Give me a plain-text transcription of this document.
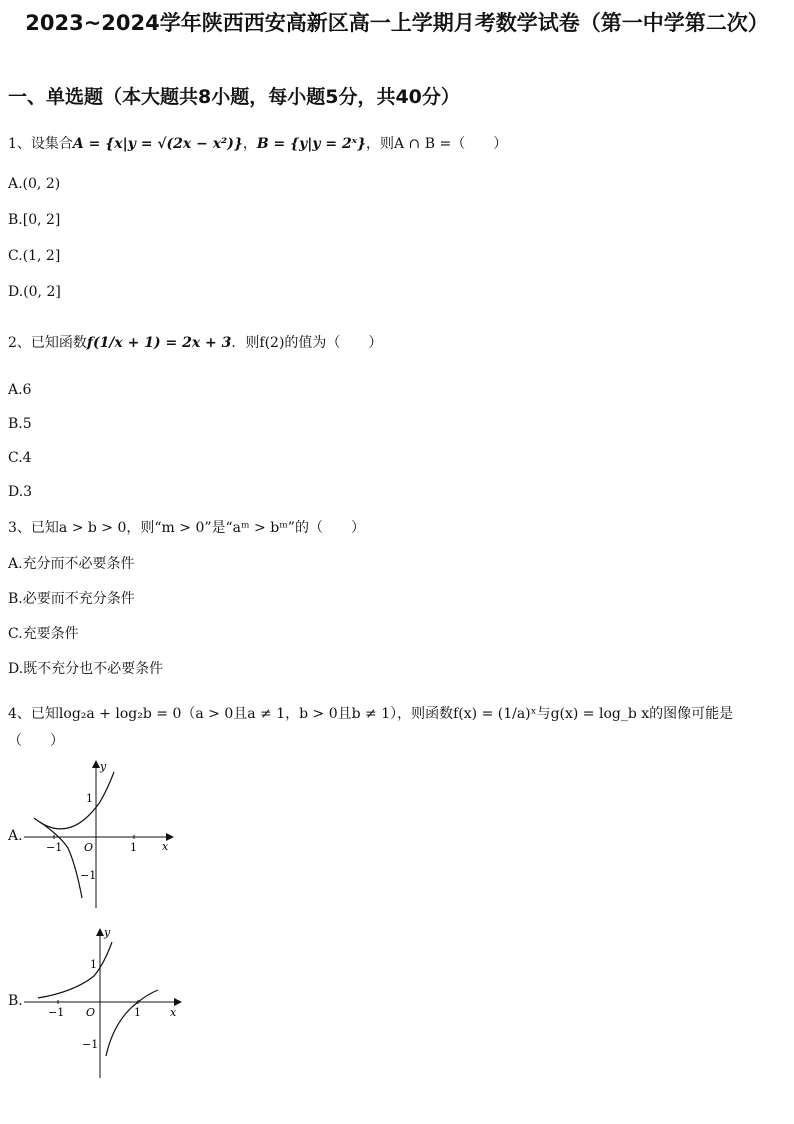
2023~2024学年陕西西安高新区高一上学期月考数学试卷（第一中学第二次）
一、单选题（本大题共8小题，每小题5分，共40分）
1、设集合A = {x|y = √(2x − x²)}，B = {y|y = 2ˣ}，则A ∩ B =（　　）
A.(0, 2)
B.[0, 2]
C.(1, 2]
D.(0, 2]
2、已知函数f(1/x + 1) = 2x + 3．则f(2)的值为（　　）
A.6
B.5
C.4
D.3
3、已知a > b > 0，则“m > 0”是“aᵐ > bᵐ”的（　　）
A.充分而不必要条件
B.必要而不充分条件
C.充要条件
D.既不充分也不必要条件
4、已知log₂a + log₂b = 0（a > 0且a ≠ 1，b > 0且b ≠ 1），则函数f(x) = (1/a)ˣ与g(x) = log_b x的图像可能是
（　　）
A.
y
x
O
−1	1
1
−1
B.
y
x
O
−1	1
1
−1
